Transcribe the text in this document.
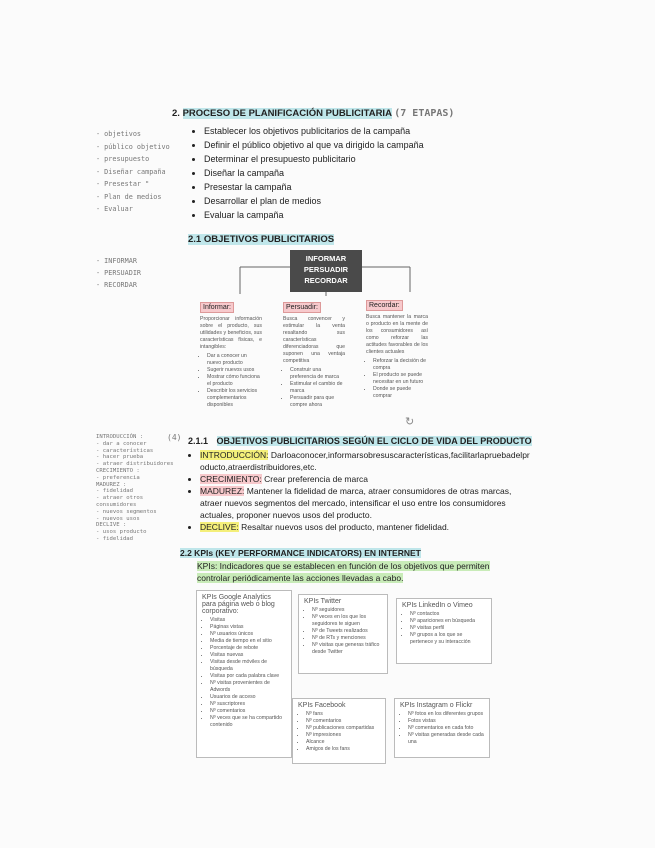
2. PROCESO DE PLANIFICACIÓN PUBLICITARIA (7 ETAPAS)
• Establecer los objetivos publicitarios de la campaña
• Definir el público objetivo al que va dirigido la campaña
• Determinar el presupuesto publicitario
• Diseñar la campaña
• Presestar la campaña
• Desarrollar el plan de medios
• Evaluar la campaña
- objetivos
- público objetivo
- presupuesto
- Diseñar campaña
- Presestar "
- Plan de medios
- Evaluar
2.1 OBJETIVOS PUBLICITARIOS
- INFORMAR
- PERSUADIR
- RECORDAR
INFORMAR
PERSUADIR
RECORDAR
Informar:

Proporcionar información sobre el producto, sus utilidades y beneficios, sus características físicas, e intangibles:

• Dar a conocer un nuevo producto
• Sugerir nuevos usos
• Mostrar cómo funciona el producto
• Describir los servicios complementarios disponibles
Persuadir:

Busca convencer y estimular la venta resaltando sus características diferenciadoras que suponen una ventaja competitiva

• Construir una preferencia de marca
• Estimular el cambio de marca
• Persuadir para que compre ahora
Recordar:

Busca mantener la marca o producto en la mente de los consumidores así como reforzar las actitudes favorables de los clientes actuales

• Reforzar la decisión de compra
• El producto se puede necesitar en un futuro
• Donde se puede comprar
↻
2.1.1 OBJETIVOS PUBLICITARIOS SEGÚN EL CICLO DE VIDA DEL PRODUCTO
(4)
INTRODUCCIÓN :
- dar a conocer
- características
- hacer prueba
- atraer distribuidores
CRECIMIENTO :
- preferencia
MADUREZ :
- fidelidad
- atraer otros consumidores
- nuevos segmentos
- nuevos usos
DECLIVE :
- usos producto
- fidelidad
• INTRODUCCIÓN: Darloaconocer,informarsobresuscaracterísticas,facilitarlapruebadelproducto,atraerdistribuidores,etc.
• CRECIMIENTO: Crear preferencia de marca
• MADUREZ: Mantener la fidelidad de marca, atraer consumidores de otras marcas, atraer nuevos segmentos del mercado, intensificar el uso entre los consumidores actuales, proponer nuevos usos del producto.
• DECLIVE: Resaltar nuevos usos del producto, mantener fidelidad.
2.2 KPIs (KEY PERFORMANCE INDICATORS) EN INTERNET
KPIs: Indicadores que se establecen en función de los objetivos que permiten controlar periódicamente las acciones llevadas a cabo.
KPIs Google Analytics para página web o blog corporativo:
• Visitas
• Páginas vistas
• Nº usuarios únicos
• Media de tiempo en el sitio
• Porcentaje de rebote
• Visitas nuevas
• Visitas desde móviles de búsqueda
• Visitas por cada palabra clave
• Nº visitas provenientes de Adwords
• Usuarios de acceso
• Nº suscriptores
• Nº comentarios
• Nº veces que se ha compartido contenido
KPIs Twitter
• Nº seguidores
• Nº veces en los que los seguidores te siguen
• Nº de Tweets realizados
• Nº de RTs y menciones
• Nº visitas que generas tráfico desde Twitter
KPIs LinkedIn o Vimeo
• Nº contactos
• Nº apariciones en búsqueda
• Nº visitas perfil
• Nº grupos a los que se pertenece y su interacción
KPIs Facebook
• Nº fans
• Nº comentarios
• Nº publicaciones compartidas
• Nº impresiones
• Alcance
• Amigos de los fans
KPIs Instagram o Flickr
• Nº fotos en los diferentes grupos
• Fotos vistas
• Nº comentarios en cada foto
• Nº visitas generadas desde cada una
